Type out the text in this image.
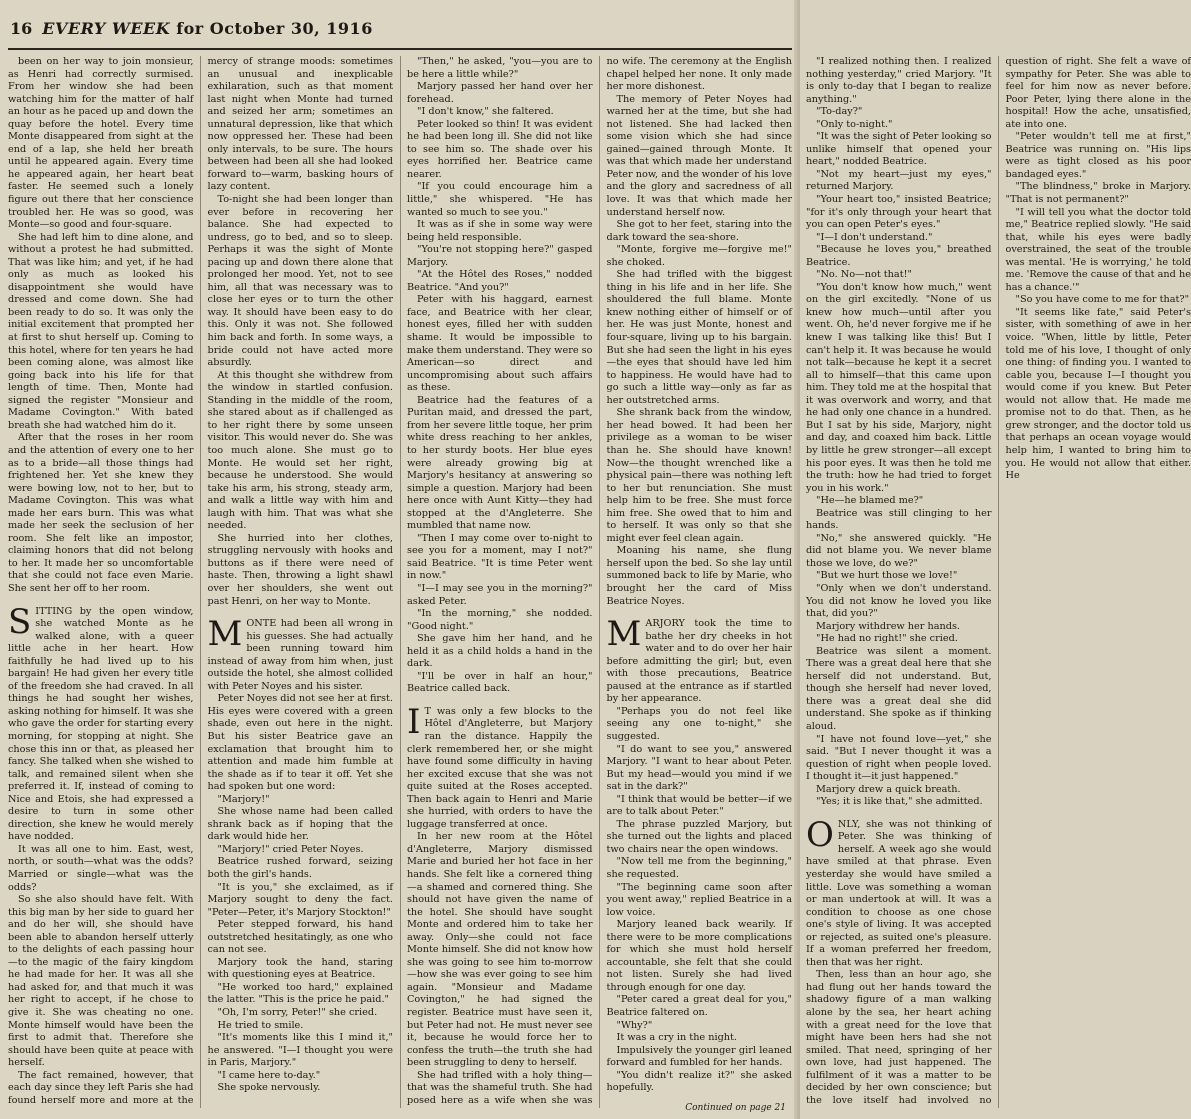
16 EVERY WEEK for October 30, 1916

been on her way to join monsieur, as Henri had correctly surmised. From her window she had been watching him for the matter of half an hour as he paced up and down the quay before the hotel. Every time Monte disappeared from sight at the end of a lap, she held her breath until he appeared again. Every time he appeared again, her heart beat faster. He seemed such a lonely figure out there that her conscience troubled her. He was so good, was Monte—so good and four-square.

She had left him to dine alone, and without a protest he had submitted. That was like him; and yet, if he had only as much as looked his disappointment she would have dressed and come down. She had been ready to do so. It was only the initial excitement that prompted her at first to shut herself up. Coming to this hotel, where for ten years he had been coming alone, was almost like going back into his life for that length of time. Then, Monte had signed the register "Monsieur and Madame Covington." With bated breath she had watched him do it.

After that the roses in her room and the attention of every one to her as to a bride—all those things had frightened her. Yet she knew they were bowing low, not to her, but to Madame Covington. This was what made her ears burn. This was what made her seek the seclusion of her room. She felt like an impostor, claiming honors that did not belong to her. It made her so uncomfortable that she could not face even Marie. She sent her off to her room.

SITTING by the open window, she watched Monte as he walked alone, with a queer little ache in her heart. How faithfully he had lived up to his bargain! He had given her every title of the freedom she had craved. In all things he had sought her wishes, asking nothing for himself. It was she who gave the order for starting every morning, for stopping at night. She chose this inn or that, as pleased her fancy. She talked when she wished to talk, and remained silent when she preferred it. If, instead of coming to Nice and Etois, she had expressed a desire to turn in some other direction, she knew he would merely have nodded.

It was all one to him. East, west, north, or south—what was the odds? Married or single—what was the odds?

So she also should have felt. With this big man by her side to guard her and do her will, she should have been able to abandon herself utterly to the delights of each passing hour—to the magic of the fairy kingdom he had made for her. It was all she had asked for, and that much it was her right to accept, if he chose to give it. She was cheating no one. Monte himself would have been the first to admit that. Therefore she should have been quite at peace with herself.

The fact remained, however, that each day since they left Paris she had found herself more and more at the mercy of strange moods: sometimes an unusual and inexplicable exhilaration, such as that moment last night when Monte had turned and seized her arm; sometimes an unnatural depression, like that which now oppressed her. These had been only intervals, to be sure. The hours between had been all she had looked forward to—warm, basking hours of lazy content.

To-night she had been longer than ever before in recovering her balance. She had expected to undress, go to bed, and so to sleep. Perhaps it was the sight of Monte pacing up and down there alone that prolonged her mood. Yet, not to see him, all that was necessary was to close her eyes or to turn the other way. It should have been easy to do this. Only it was not. She followed him back and forth. In some ways, a bride could not have acted more absurdly.

At this thought she withdrew from the window in startled confusion. Standing in the middle of the room, she stared about as if challenged as to her right there by some unseen visitor. This would never do. She was too much alone. She must go to Monte. He would set her right, because he understood. She would take his arm, his strong, steady arm, and walk a little way with him and laugh with him. That was what she needed.

She hurried into her clothes, struggling nervously with hooks and buttons as if there were need of haste. Then, throwing a light shawl over her shoulders, she went out past Henri, on her way to Monte.

MONTE had been all wrong in his guesses. She had actually been running toward him instead of away from him when, just outside the hotel, she almost collided with Peter Noyes and his sister.

Peter Noyes did not see her at first. His eyes were covered with a green shade, even out here in the night. But his sister Beatrice gave an exclamation that brought him to attention and made him fumble at the shade as if to tear it off. Yet she had spoken but one word:

"Marjory!"

She whose name had been called shrank back as if hoping that the dark would hide her.

"Marjory!" cried Peter Noyes.

Beatrice rushed forward, seizing both the girl's hands.

"It is you," she exclaimed, as if Marjory sought to deny the fact. "Peter—Peter, it's Marjory Stockton!"

Peter stepped forward, his hand outstretched hesitatingly, as one who can not see.

Marjory took the hand, staring with questioning eyes at Beatrice.

"He worked too hard," explained the latter. "This is the price he paid."

"Oh, I'm sorry, Peter!" she cried.

He tried to smile.

"It's moments like this I mind it," he answered. "I—I thought you were in Paris, Marjory."

"I came here to-day."

She spoke nervously.

"Then," he asked, "you—you are to be here a little while?"

Marjory passed her hand over her forehead.

"I don't know," she faltered.

Peter looked so thin! It was evident he had been long ill. She did not like to see him so. The shade over his eyes horrified her. Beatrice came nearer.

"If you could encourage him a little," she whispered. "He has wanted so much to see you."

It was as if she in some way were being held responsible.

"You're not stopping here?" gasped Marjory.

"At the Hôtel des Roses," nodded Beatrice. "And you?"

Peter with his haggard, earnest face, and Beatrice with her clear, honest eyes, filled her with sudden shame. It would be impossible to make them understand. They were so American—so direct and uncompromising about such affairs as these.

Beatrice had the features of a Puritan maid, and dressed the part, from her severe little toque, her prim white dress reaching to her ankles, to her sturdy boots. Her blue eyes were already growing big at Marjory's hesitancy at answering so simple a question. Marjory had been here once with Aunt Kitty—they had stopped at the d'Angleterre. She mumbled that name now.

"Then I may come over to-night to see you for a moment, may I not?" said Beatrice. "It is time Peter went in now."

"I—I may see you in the morning?" asked Peter.

"In the morning," she nodded. "Good night."

She gave him her hand, and he held it as a child holds a hand in the dark.

"I'll be over in half an hour," Beatrice called back.

IT was only a few blocks to the Hôtel d'Angleterre, but Marjory ran the distance. Happily the clerk remembered her, or she might have found some difficulty in having her excited excuse that she was not quite suited at the Roses accepted. Then back again to Henri and Marie she hurried, with orders to have the luggage transferred at once.

In her new room at the Hôtel d'Angleterre, Marjory dismissed Marie and buried her hot face in her hands. She felt like a cornered thing—a shamed and cornered thing. She should not have given the name of the hotel. She should have sought Monte and ordered him to take her away. Only—she could not face Monte himself. She did not know how she was going to see him to-morrow—how she was ever going to see him again. "Monsieur and Madame Covington," he had signed the register. Beatrice must have seen it, but Peter had not. He must never see it, because he would force her to confess the truth—the truth she had been struggling to deny to herself.

She had trifled with a holy thing—that was the shameful truth. She had posed here as a wife when she was no wife. The ceremony at the English chapel helped her none. It only made her more dishonest.

The memory of Peter Noyes had warned her at the time, but she had not listened. She had lacked then some vision which she had since gained—gained through Monte. It was that which made her understand Peter now, and the wonder of his love and the glory and sacredness of all love. It was that which made her understand herself now.

She got to her feet, staring into the dark toward the sea-shore.

"Monte, forgive me—forgive me!" she choked.

She had trifled with the biggest thing in his life and in her life. She shouldered the full blame. Monte knew nothing either of himself or of her. He was just Monte, honest and four-square, living up to his bargain. But she had seen the light in his eyes—the eyes that should have led him to happiness. He would have had to go such a little way—only as far as her outstretched arms.

She shrank back from the window, her head bowed. It had been her privilege as a woman to be wiser than he. She should have known! Now—the thought wrenched like a physical pain—there was nothing left to her but renunciation. She must help him to be free. She must force him free. She owed that to him and to herself. It was only so that she might ever feel clean again.

Moaning his name, she flung herself upon the bed. So she lay until summoned back to life by Marie, who brought her the card of Miss Beatrice Noyes.

MARJORY took the time to bathe her dry cheeks in hot water and to do over her hair before admitting the girl; but, even with those precautions, Beatrice paused at the entrance as if startled by her appearance.

"Perhaps you do not feel like seeing any one to-night," she suggested.

"I do want to see you," answered Marjory. "I want to hear about Peter. But my head—would you mind if we sat in the dark?"

"I think that would be better—if we are to talk about Peter."

The phrase puzzled Marjory, but she turned out the lights and placed two chairs near the open windows.

"Now tell me from the beginning," she requested.

"The beginning came soon after you went away," replied Beatrice in a low voice.

Marjory leaned back wearily. If there were to be more complications for which she must hold herself accountable, she felt that she could not listen. Surely she had lived through enough for one day.

"Peter cared a great deal for you," Beatrice faltered on.

"Why?"

It was a cry in the night.

Impulsively the younger girl leaned forward and fumbled for her hands.

"You didn't realize it?" she asked hopefully.

"I realized nothing then. I realized nothing yesterday," cried Marjory. "It is only to-day that I began to realize anything."

"To-day?"

"Only to-night."

"It was the sight of Peter looking so unlike himself that opened your heart," nodded Beatrice.

"Not my heart—just my eyes," returned Marjory.

"Your heart too," insisted Beatrice; "for it's only through your heart that you can open Peter's eyes."

"I—I don't understand."

"Because he loves you," breathed Beatrice.

"No. No—not that!"

"You don't know how much," went on the girl excitedly. "None of us knew how much—until after you went. Oh, he'd never forgive me if he knew I was talking like this! But I can't help it. It was because he would not talk—because he kept it a secret all to himself—that this came upon him. They told me at the hospital that it was overwork and worry, and that he had only one chance in a hundred. But I sat by his side, Marjory, night and day, and coaxed him back. Little by little he grew stronger—all except his poor eyes. It was then he told me the truth: how he had tried to forget you in his work."

"He—he blamed me?"

Beatrice was still clinging to her hands.

"No," she answered quickly. "He did not blame you. We never blame those we love, do we?"

"But we hurt those we love!"

"Only when we don't understand. You did not know he loved you like that, did you?"

Marjory withdrew her hands.

"He had no right!" she cried.

Beatrice was silent a moment. There was a great deal here that she herself did not understand. But, though she herself had never loved, there was a great deal she did understand. She spoke as if thinking aloud.

"I have not found love—yet," she said. "But I never thought it was a question of right when people loved. I thought it—it just happened."

Marjory drew a quick breath.

"Yes; it is like that," she admitted.

ONLY, she was not thinking of Peter. She was thinking of herself. A week ago she would have smiled at that phrase. Even yesterday she would have smiled a little. Love was something a woman or man undertook at will. It was a condition to choose as one chose one's style of living. It was accepted or rejected, as suited one's pleasure. If a woman preferred her freedom, then that was her right.

Then, less than an hour ago, she had flung out her hands toward the shadowy figure of a man walking alone by the sea, her heart aching with a great need for the love that might have been hers had she not smiled. That need, springing of her own love, had just happened. The fulfilment of it was a matter to be decided by her own conscience; but the love itself had involved no question of right. She felt a wave of sympathy for Peter. She was able to feel for him now as never before. Poor Peter, lying there alone in the hospital! How the ache, unsatisfied, ate into one.

"Peter wouldn't tell me at first," Beatrice was running on. "His lips were as tight closed as his poor bandaged eyes."

"The blindness," broke in Marjory. "That is not permanent?"

"I will tell you what the doctor told me," Beatrice replied slowly. "He said that, while his eyes were badly overstrained, the seat of the trouble was mental. 'He is worrying,' he told me. 'Remove the cause of that and he has a chance.'"

"So you have come to me for that?"

"It seems like fate," said Peter's sister, with something of awe in her voice. "When, little by little, Peter told me of his love, I thought of only one thing: of finding you. I wanted to cable you, because I—I thought you would come if you knew. But Peter would not allow that. He made me promise not to do that. Then, as he grew stronger, and the doctor told us that perhaps an ocean voyage would help him, I wanted to bring him to you. He would not allow that either. He

Continued on page 21
